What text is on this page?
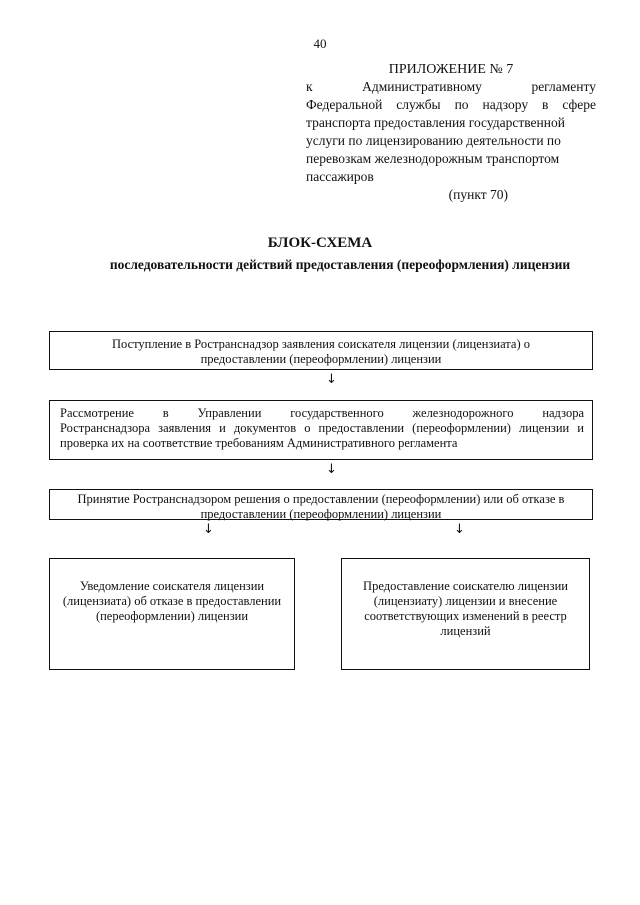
40
ПРИЛОЖЕНИЕ № 7
к Административному регламенту
Федеральной службы по надзору в сфере
транспорта предоставления государственной
услуги по лицензированию деятельности по
перевозкам железнодорожным транспортом
пассажиров
(пункт 70)
БЛОК-СХЕМА
последовательности действий предоставления (переоформления) лицензии
Поступление в Ространснадзор заявления соискателя лицензии (лицензиата) о предоставлении (переоформлении) лицензии
↓
Рассмотрение в Управлении государственного железнодорожного надзора
Ространснадзора заявления и документов о предоставлении (переоформлении) лицензии и проверка их на соответствие требованиям Административного регламента
↓
Принятие Ространснадзором решения о предоставлении (переоформлении) или об отказе в предоставлении (переоформлении) лицензии
↓	↓
Уведомление соискателя лицензии (лицензиата) об отказе в предоставлении (переоформлении) лицензии
Предоставление соискателю лицензии (лицензиату) лицензии и внесение соответствующих изменений в реестр лицензий
